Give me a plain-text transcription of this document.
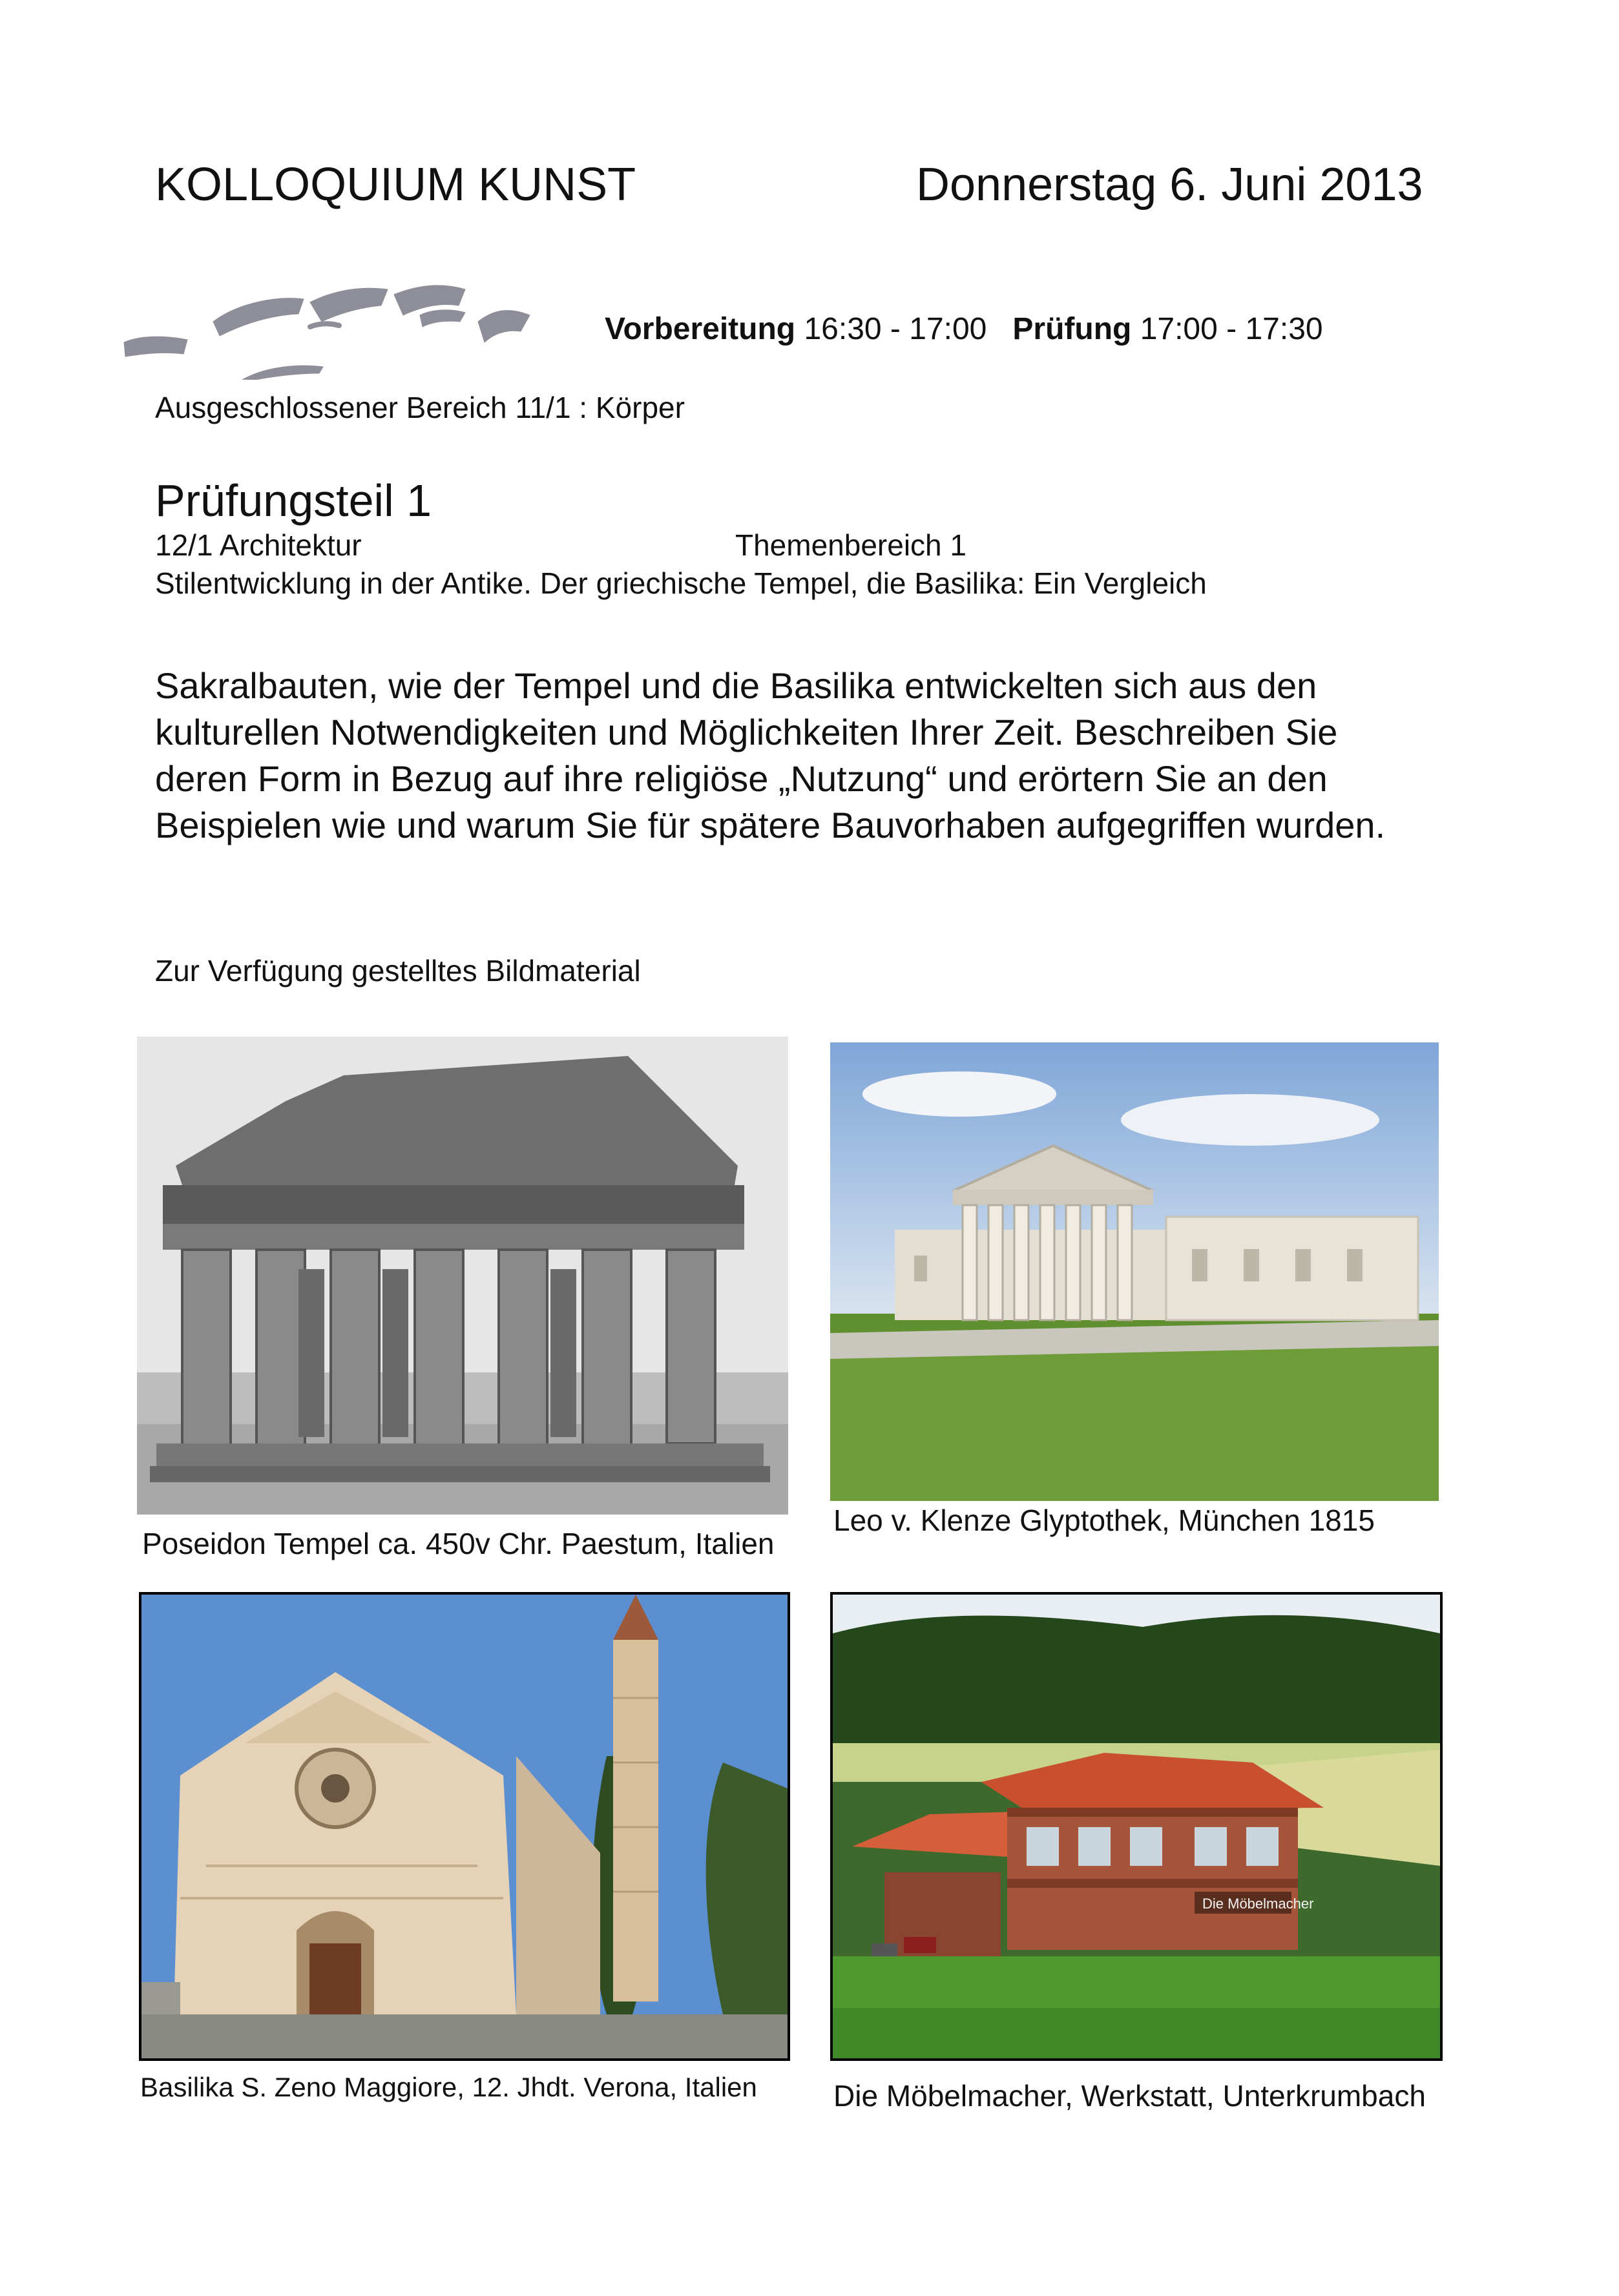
KOLLOQUIUM KUNST	Donnerstag 6. Juni 2013

Vorbereitung 16:30 - 17:00 Prüfung 17:00 - 17:30

Ausgeschlossener Bereich 11/1 : Körper

Prüfungsteil 1

12/1 Architektur	Themenbereich 1

Stilentwicklung in der Antike. Der griechische Tempel, die Basilika: Ein Vergleich

Sakralbauten, wie der Tempel und die Basilika entwickelten sich aus den
kulturellen Notwendigkeiten und Möglichkeiten Ihrer Zeit. Beschreiben Sie
deren Form in Bezug auf ihre religiöse „Nutzung“ und erörtern Sie an den
Beispielen wie und warum Sie für spätere Bauvorhaben aufgegriffen wurden.

Zur Verfügung gestelltes Bildmaterial

Die Möbelmacher

Poseidon Tempel ca. 450v Chr. Paestum, Italien

Leo v. Klenze Glyptothek, München 1815

Basilika S. Zeno Maggiore, 12. Jhdt. Verona, Italien	Die Möbelmacher, Werkstatt, Unterkrumbach
